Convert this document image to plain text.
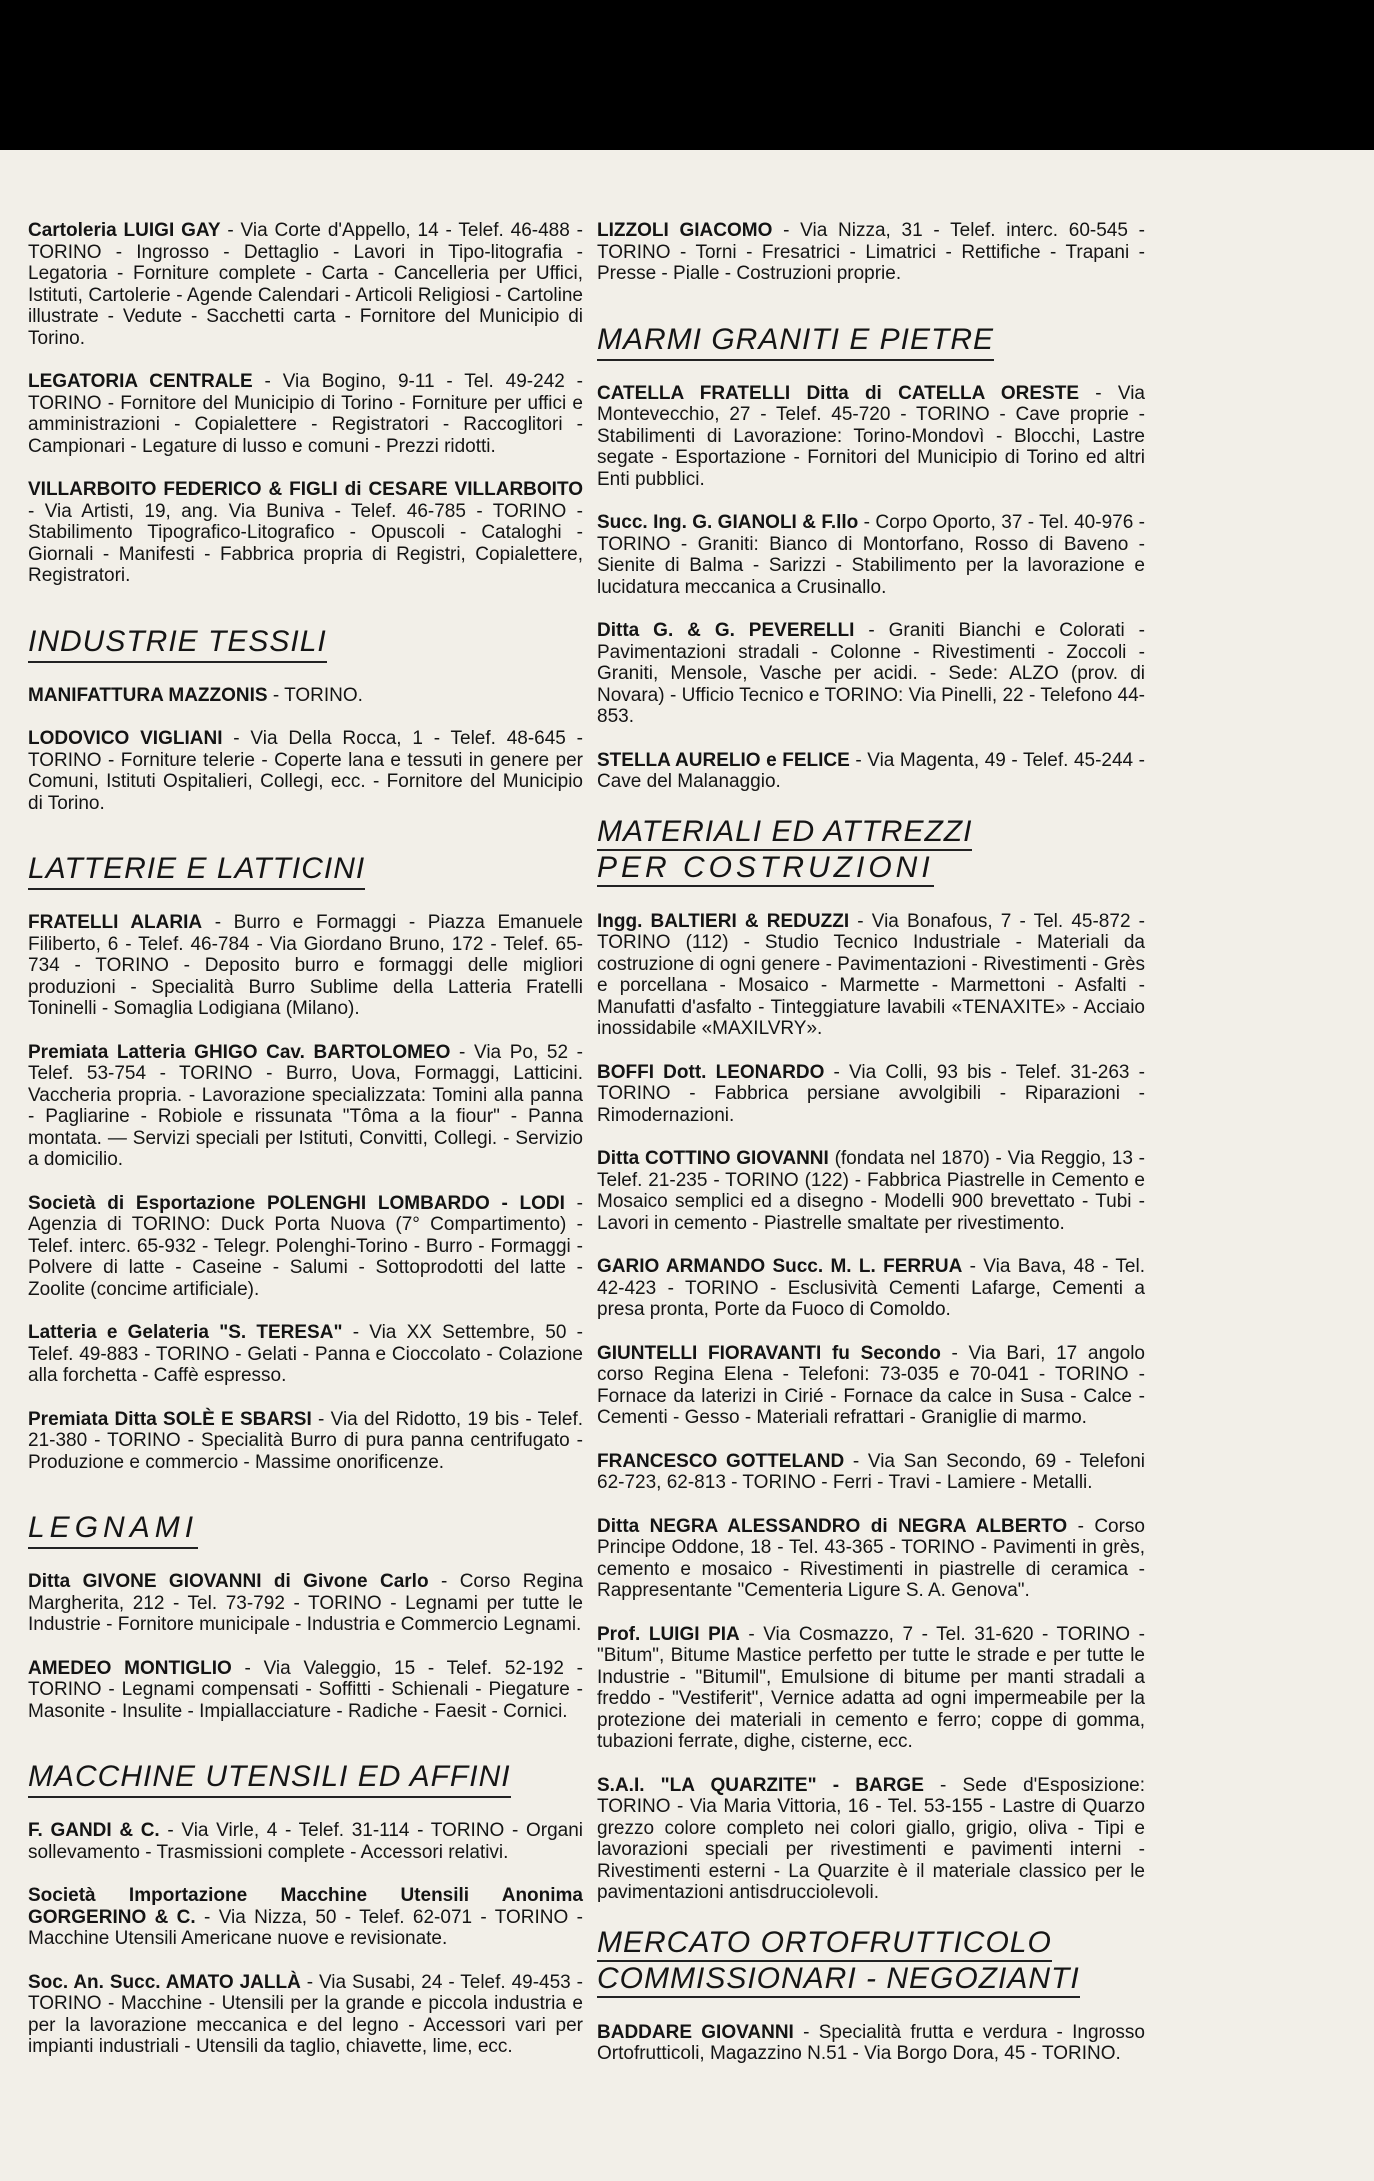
Cartoleria LUIGI GAY - Via Corte d'Appello, 14 - Telef. 46-488 - TORINO - Ingrosso - Dettaglio - Lavori in Tipo-litografia - Legatoria - Forniture complete - Carta - Cancelleria per Uffici, Istituti, Cartolerie - Agende Calendari - Articoli Religiosi - Cartoline illustrate - Vedute - Sacchetti carta - Fornitore del Municipio di Torino.

LEGATORIA CENTRALE - Via Bogino, 9-11 - Tel. 49-242 - TORINO - Fornitore del Municipio di Torino - Forniture per uffici e amministrazioni - Copialettere - Registratori - Raccoglitori - Campionari - Legature di lusso e comuni - Prezzi ridotti.

VILLARBOITO FEDERICO & FIGLI di CESARE VILLARBOITO - Via Artisti, 19, ang. Via Buniva - Telef. 46-785 - TORINO - Stabilimento Tipografico-Litografico - Opuscoli - Cataloghi - Giornali - Manifesti - Fabbrica propria di Registri, Copialettere, Registratori.

INDUSTRIE TESSILI

MANIFATTURA MAZZONIS - TORINO.

LODOVICO VIGLIANI - Via Della Rocca, 1 - Telef. 48-645 - TORINO - Forniture telerie - Coperte lana e tessuti in genere per Comuni, Istituti Ospitalieri, Collegi, ecc. - Fornitore del Municipio di Torino.

LATTERIE E LATTICINI

FRATELLI ALARIA - Burro e Formaggi - Piazza Emanuele Filiberto, 6 - Telef. 46-784 - Via Giordano Bruno, 172 - Telef. 65-734 - TORINO - Deposito burro e formaggi delle migliori produzioni - Specialità Burro Sublime della Latteria Fratelli Toninelli - Somaglia Lodigiana (Milano).

Premiata Latteria GHIGO Cav. BARTOLOMEO - Via Po, 52 - Telef. 53-754 - TORINO - Burro, Uova, Formaggi, Latticini. Vaccheria propria. - Lavorazione specializzata: Tomini alla panna - Pagliarine - Robiole e rissunata "Tôma a la fiour" - Panna montata. — Servizi speciali per Istituti, Convitti, Collegi. - Servizio a domicilio.

Società di Esportazione POLENGHI LOMBARDO - LODI - Agenzia di TORINO: Duck Porta Nuova (7° Compartimento) - Telef. interc. 65-932 - Telegr. Polenghi-Torino - Burro - Formaggi - Polvere di latte - Caseine - Salumi - Sottoprodotti del latte - Zoolite (concime artificiale).

Latteria e Gelateria "S. TERESA" - Via XX Settembre, 50 - Telef. 49-883 - TORINO - Gelati - Panna e Cioccolato - Colazione alla forchetta - Caffè espresso.

Premiata Ditta SOLÈ E SBARSI - Via del Ridotto, 19 bis - Telef. 21-380 - TORINO - Specialità Burro di pura panna centrifugato - Produzione e commercio - Massime onorificenze.

LEGNAMI

Ditta GIVONE GIOVANNI di Givone Carlo - Corso Regina Margherita, 212 - Tel. 73-792 - TORINO - Legnami per tutte le Industrie - Fornitore municipale - Industria e Commercio Legnami.

AMEDEO MONTIGLIO - Via Valeggio, 15 - Telef. 52-192 - TORINO - Legnami compensati - Soffitti - Schienali - Piegature - Masonite - Insulite - Impiallacciature - Radiche - Faesit - Cornici.

MACCHINE UTENSILI ED AFFINI

F. GANDI & C. - Via Virle, 4 - Telef. 31-114 - TORINO - Organi sollevamento - Trasmissioni complete - Accessori relativi.

Società Importazione Macchine Utensili Anonima GORGERINO & C. - Via Nizza, 50 - Telef. 62-071 - TORINO - Macchine Utensili Americane nuove e revisionate.

Soc. An. Succ. AMATO JALLÀ - Via Susabi, 24 - Telef. 49-453 - TORINO - Macchine - Utensili per la grande e piccola industria e per la lavorazione meccanica e del legno - Accessori vari per impianti industriali - Utensili da taglio, chiavette, lime, ecc.

LIZZOLI GIACOMO - Via Nizza, 31 - Telef. interc. 60-545 - TORINO - Torni - Fresatrici - Limatrici - Rettifiche - Trapani - Presse - Pialle - Costruzioni proprie.

MARMI GRANITI E PIETRE

CATELLA FRATELLI Ditta di CATELLA ORESTE - Via Montevecchio, 27 - Telef. 45-720 - TORINO - Cave proprie - Stabilimenti di Lavorazione: Torino-Mondovì - Blocchi, Lastre segate - Esportazione - Fornitori del Municipio di Torino ed altri Enti pubblici.

Succ. Ing. G. GIANOLI & F.llo - Corpo Oporto, 37 - Tel. 40-976 - TORINO - Graniti: Bianco di Montorfano, Rosso di Baveno - Sienite di Balma - Sarizzi - Stabilimento per la lavorazione e lucidatura meccanica a Crusinallo.

Ditta G. & G. PEVERELLI - Graniti Bianchi e Colorati - Pavimentazioni stradali - Colonne - Rivestimenti - Zoccoli - Graniti, Mensole, Vasche per acidi. - Sede: ALZO (prov. di Novara) - Ufficio Tecnico e TORINO: Via Pinelli, 22 - Telefono 44-853.

STELLA AURELIO e FELICE - Via Magenta, 49 - Telef. 45-244 - Cave del Malanaggio.

MATERIALI ED ATTREZZI
PER COSTRUZIONI

Ingg. BALTIERI & REDUZZI - Via Bonafous, 7 - Tel. 45-872 - TORINO (112) - Studio Tecnico Industriale - Materiali da costruzione di ogni genere - Pavimentazioni - Rivestimenti - Grès e porcellana - Mosaico - Marmette - Marmettoni - Asfalti - Manufatti d'asfalto - Tinteggiature lavabili «TENAXITE» - Acciaio inossidabile «MAXILVRY».

BOFFI Dott. LEONARDO - Via Colli, 93 bis - Telef. 31-263 - TORINO - Fabbrica persiane avvolgibili - Riparazioni - Rimodernazioni.

Ditta COTTINO GIOVANNI (fondata nel 1870) - Via Reggio, 13 - Telef. 21-235 - TORINO (122) - Fabbrica Piastrelle in Cemento e Mosaico semplici ed a disegno - Modelli 900 brevettato - Tubi - Lavori in cemento - Piastrelle smaltate per rivestimento.

GARIO ARMANDO Succ. M. L. FERRUA - Via Bava, 48 - Tel. 42-423 - TORINO - Esclusività Cementi Lafarge, Cementi a presa pronta, Porte da Fuoco di Comoldo.

GIUNTELLI FIORAVANTI fu Secondo - Via Bari, 17 angolo corso Regina Elena - Telefoni: 73-035 e 70-041 - TORINO - Fornace da laterizi in Cirié - Fornace da calce in Susa - Calce - Cementi - Gesso - Materiali refrattari - Graniglie di marmo.

FRANCESCO GOTTELAND - Via San Secondo, 69 - Telefoni 62-723, 62-813 - TORINO - Ferri - Travi - Lamiere - Metalli.

Ditta NEGRA ALESSANDRO di NEGRA ALBERTO - Corso Principe Oddone, 18 - Tel. 43-365 - TORINO - Pavimenti in grès, cemento e mosaico - Rivestimenti in piastrelle di ceramica - Rappresentante "Cementeria Ligure S. A. Genova".

Prof. LUIGI PIA - Via Cosmazzo, 7 - Tel. 31-620 - TORINO - "Bitum", Bitume Mastice perfetto per tutte le strade e per tutte le Industrie - "Bitumil", Emulsione di bitume per manti stradali a freddo - "Vestiferit", Vernice adatta ad ogni impermeabile per la protezione dei materiali in cemento e ferro; coppe di gomma, tubazioni ferrate, dighe, cisterne, ecc.

S.A.I. "LA QUARZITE" - BARGE - Sede d'Esposizione: TORINO - Via Maria Vittoria, 16 - Tel. 53-155 - Lastre di Quarzo grezzo colore completo nei colori giallo, grigio, oliva - Tipi e lavorazioni speciali per rivestimenti e pavimenti interni - Rivestimenti esterni - La Quarzite è il materiale classico per le pavimentazioni antisdrucciolevoli.

MERCATO ORTOFRUTTICOLO
COMMISSIONARI - NEGOZIANTI

BADDARE GIOVANNI - Specialità frutta e verdura - Ingrosso Ortofrutticoli, Magazzino N.51 - Via Borgo Dora, 45 - TORINO.
